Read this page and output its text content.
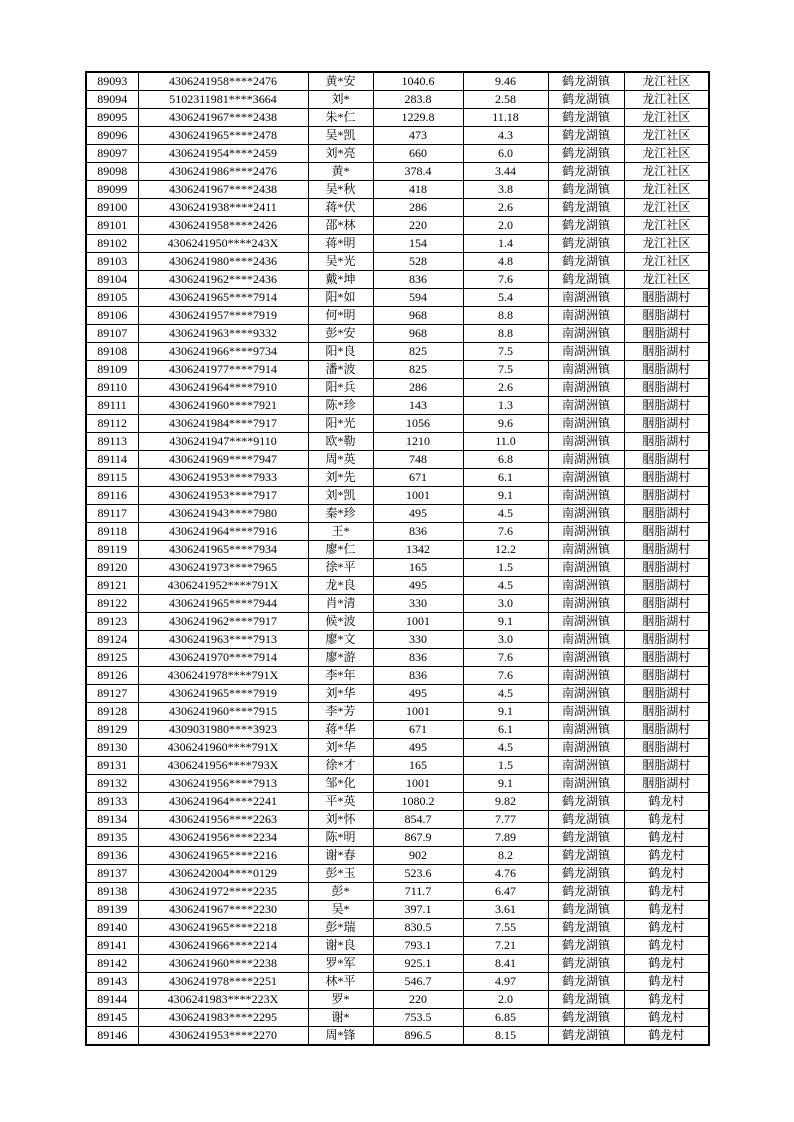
89093	4306241958****2476	黄*安	1040.6	9.46	鹤龙湖镇	龙江社区
89094	5102311981****3664	刘*	283.8	2.58	鹤龙湖镇	龙江社区
89095	4306241967****2438	朱*仁	1229.8	11.18	鹤龙湖镇	龙江社区
89096	4306241965****2478	吴*凯	473	4.3	鹤龙湖镇	龙江社区
89097	4306241954****2459	刘*亮	660	6.0	鹤龙湖镇	龙江社区
89098	4306241986****2476	黄*	378.4	3.44	鹤龙湖镇	龙江社区
89099	4306241967****2438	吴*秋	418	3.8	鹤龙湖镇	龙江社区
89100	4306241938****2411	蒋*伏	286	2.6	鹤龙湖镇	龙江社区
89101	4306241958****2426	邵*林	220	2.0	鹤龙湖镇	龙江社区
89102	4306241950****243X	蒋*明	154	1.4	鹤龙湖镇	龙江社区
89103	4306241980****2436	吴*光	528	4.8	鹤龙湖镇	龙江社区
89104	4306241962****2436	戴*坤	836	7.6	鹤龙湖镇	龙江社区
89105	4306241965****7914	阳*如	594	5.4	南湖洲镇	胭脂湖村
89106	4306241957****7919	何*明	968	8.8	南湖洲镇	胭脂湖村
89107	4306241963****9332	彭*安	968	8.8	南湖洲镇	胭脂湖村
89108	4306241966****9734	阳*良	825	7.5	南湖洲镇	胭脂湖村
89109	4306241977****7914	潘*波	825	7.5	南湖洲镇	胭脂湖村
89110	4306241964****7910	阳*兵	286	2.6	南湖洲镇	胭脂湖村
89111	4306241960****7921	陈*珍	143	1.3	南湖洲镇	胭脂湖村
89112	4306241984****7917	阳*光	1056	9.6	南湖洲镇	胭脂湖村
89113	4306241947****9110	欧*勒	1210	11.0	南湖洲镇	胭脂湖村
89114	4306241969****7947	周*英	748	6.8	南湖洲镇	胭脂湖村
89115	4306241953****7933	刘*先	671	6.1	南湖洲镇	胭脂湖村
89116	4306241953****7917	刘*凯	1001	9.1	南湖洲镇	胭脂湖村
89117	4306241943****7980	秦*珍	495	4.5	南湖洲镇	胭脂湖村
89118	4306241964****7916	王*	836	7.6	南湖洲镇	胭脂湖村
89119	4306241965****7934	廖*仁	1342	12.2	南湖洲镇	胭脂湖村
89120	4306241973****7965	徐*平	165	1.5	南湖洲镇	胭脂湖村
89121	4306241952****791X	龙*良	495	4.5	南湖洲镇	胭脂湖村
89122	4306241965****7944	肖*清	330	3.0	南湖洲镇	胭脂湖村
89123	4306241962****7917	候*波	1001	9.1	南湖洲镇	胭脂湖村
89124	4306241963****7913	廖*文	330	3.0	南湖洲镇	胭脂湖村
89125	4306241970****7914	廖*游	836	7.6	南湖洲镇	胭脂湖村
89126	4306241978****791X	李*年	836	7.6	南湖洲镇	胭脂湖村
89127	4306241965****7919	刘*华	495	4.5	南湖洲镇	胭脂湖村
89128	4306241960****7915	李*芳	1001	9.1	南湖洲镇	胭脂湖村
89129	4309031980****3923	蒋*华	671	6.1	南湖洲镇	胭脂湖村
89130	4306241960****791X	刘*华	495	4.5	南湖洲镇	胭脂湖村
89131	4306241956****793X	徐*才	165	1.5	南湖洲镇	胭脂湖村
89132	4306241956****7913	邹*化	1001	9.1	南湖洲镇	胭脂湖村
89133	4306241964****2241	平*英	1080.2	9.82	鹤龙湖镇	鹤龙村
89134	4306241956****2263	刘*怀	854.7	7.77	鹤龙湖镇	鹤龙村
89135	4306241956****2234	陈*明	867.9	7.89	鹤龙湖镇	鹤龙村
89136	4306241965****2216	谢*春	902	8.2	鹤龙湖镇	鹤龙村
89137	4306242004****0129	彭*玉	523.6	4.76	鹤龙湖镇	鹤龙村
89138	4306241972****2235	彭*	711.7	6.47	鹤龙湖镇	鹤龙村
89139	4306241967****2230	吴*	397.1	3.61	鹤龙湖镇	鹤龙村
89140	4306241965****2218	彭*瑞	830.5	7.55	鹤龙湖镇	鹤龙村
89141	4306241966****2214	谢*良	793.1	7.21	鹤龙湖镇	鹤龙村
89142	4306241960****2238	罗*军	925.1	8.41	鹤龙湖镇	鹤龙村
89143	4306241978****2251	林*平	546.7	4.97	鹤龙湖镇	鹤龙村
89144	4306241983****223X	罗*	220	2.0	鹤龙湖镇	鹤龙村
89145	4306241983****2295	谢*	753.5	6.85	鹤龙湖镇	鹤龙村
89146	4306241953****2270	周*锋	896.5	8.15	鹤龙湖镇	鹤龙村
